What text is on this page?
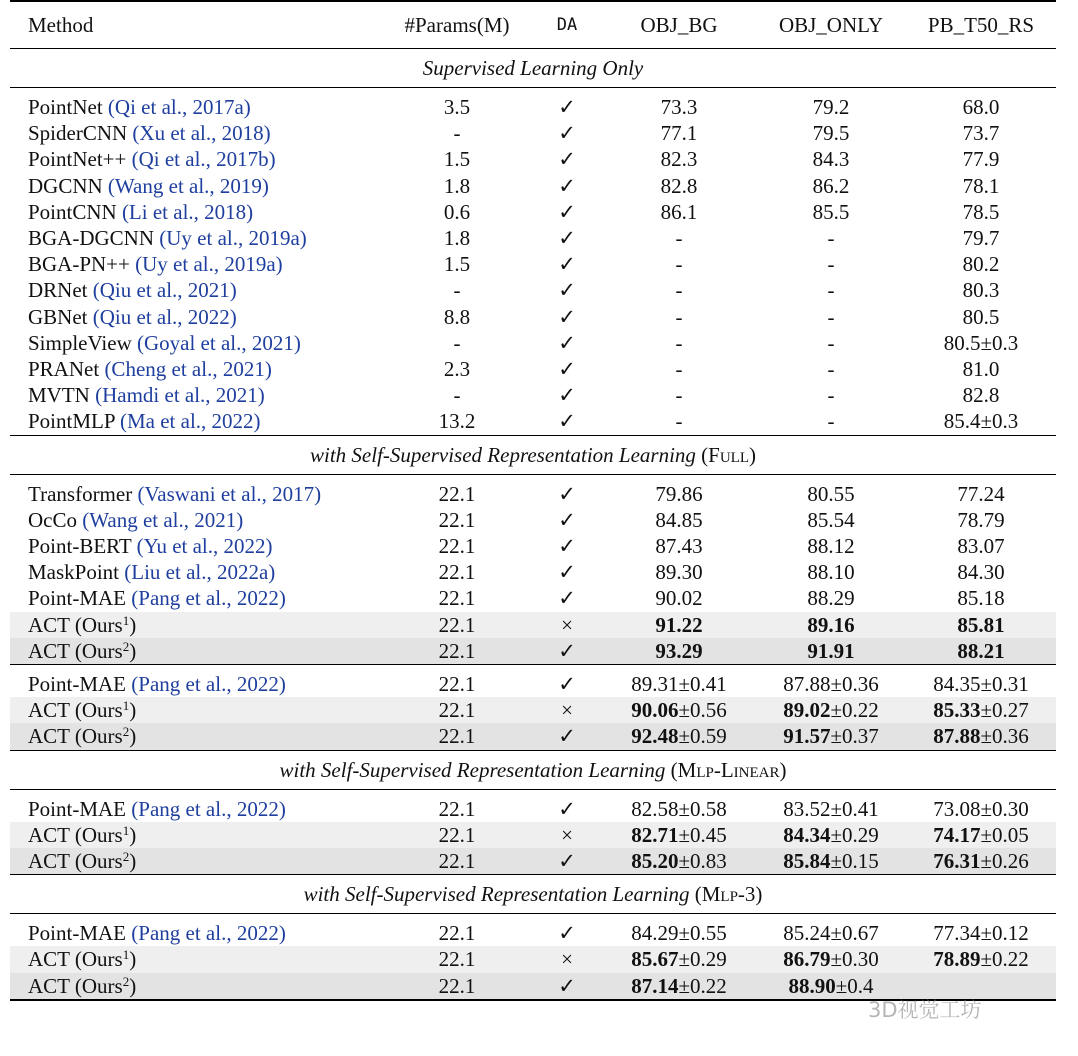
Method	#Params(M)	DA	OBJ_BG	OBJ_ONLY	PB_T50_RS
Supervised Learning Only					
PointNet (Qi et al., 2017a)	3.5	✓	73.3	79.2	68.0
SpiderCNN (Xu et al., 2018)	-	✓	77.1	79.5	73.7
PointNet++ (Qi et al., 2017b)	1.5	✓	82.3	84.3	77.9
DGCNN (Wang et al., 2019)	1.8	✓	82.8	86.2	78.1
PointCNN (Li et al., 2018)	0.6	✓	86.1	85.5	78.5
BGA-DGCNN (Uy et al., 2019a)	1.8	✓	-	-	79.7
BGA-PN++ (Uy et al., 2019a)	1.5	✓	-	-	80.2
DRNet (Qiu et al., 2021)	-	✓	-	-	80.3
GBNet (Qiu et al., 2022)	8.8	✓	-	-	80.5
SimpleView (Goyal et al., 2021)	-	✓	-	-	80.5±0.3
PRANet (Cheng et al., 2021)	2.3	✓	-	-	81.0
MVTN (Hamdi et al., 2021)	-	✓	-	-	82.8
PointMLP (Ma et al., 2022)	13.2	✓	-	-	85.4±0.3
with Self-Supervised Representation Learning (Full)					
Transformer (Vaswani et al., 2017)	22.1	✓	79.86	80.55	77.24
OcCo (Wang et al., 2021)	22.1	✓	84.85	85.54	78.79
Point-BERT (Yu et al., 2022)	22.1	✓	87.43	88.12	83.07
MaskPoint (Liu et al., 2022a)	22.1	✓	89.30	88.10	84.30
Point-MAE (Pang et al., 2022)	22.1	✓	90.02	88.29	85.18
ACT (Ours$^1$)	22.1	×	91.22	89.16	85.81
ACT (Ours$^2$)	22.1	✓	93.29	91.91	88.21
Point-MAE (Pang et al., 2022)	22.1	✓	89.31±0.41	87.88±0.36	84.35±0.31
ACT (Ours$^1$)	22.1	×	90.06±0.56	89.02±0.22	85.33±0.27
ACT (Ours$^2$)	22.1	✓	92.48±0.59	91.57±0.37	87.88±0.36
with Self-Supervised Representation Learning (Mlp-Linear)					
Point-MAE (Pang et al., 2022)	22.1	✓	82.58±0.58	83.52±0.41	73.08±0.30
ACT (Ours$^1$)	22.1	×	82.71±0.45	84.34±0.29	74.17±0.05
ACT (Ours$^2$)	22.1	✓	85.20±0.83	85.84±0.15	76.31±0.26
with Self-Supervised Representation Learning (Mlp-3)					
Point-MAE (Pang et al., 2022)	22.1	✓	84.29±0.55	85.24±0.67	77.34±0.12
ACT (Ours$^1$)	22.1	×	85.67±0.29	86.79±0.30	78.89±0.22
ACT (Ours$^2$)	22.1	✓	87.14±0.22	88.90±0.4	
3D视觉工坊
